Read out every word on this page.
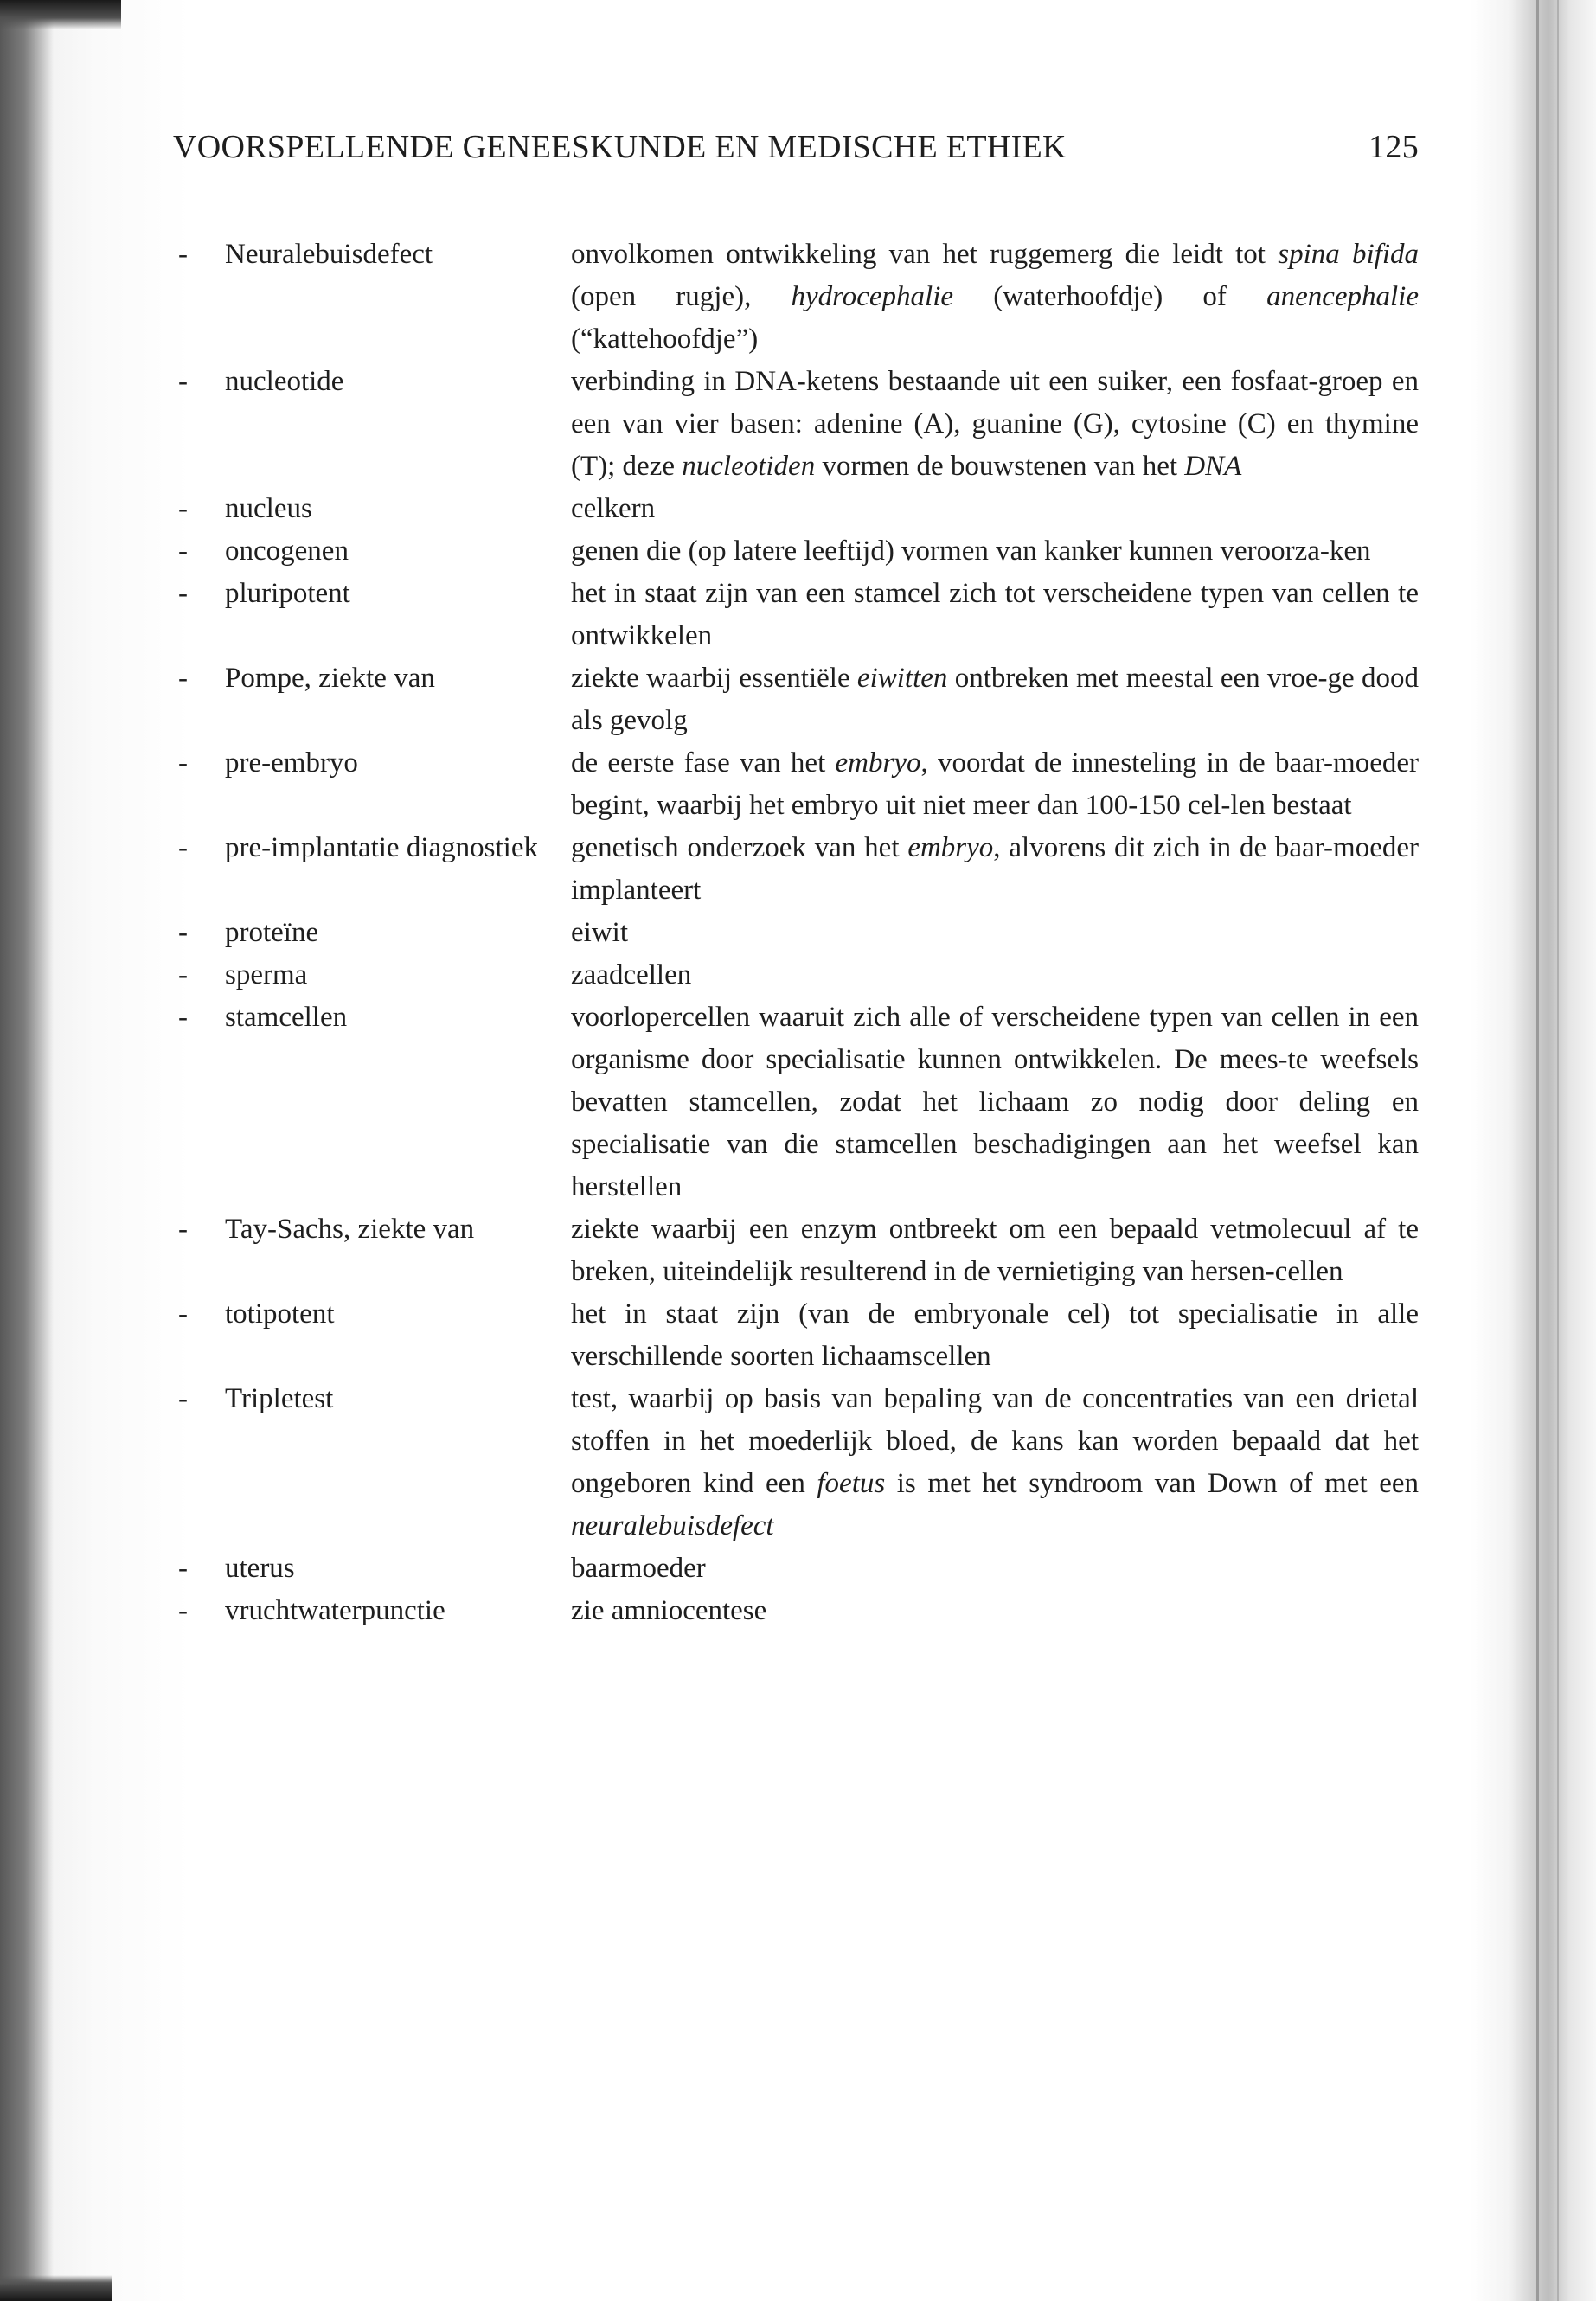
VOORSPELLENDE GENEESKUNDE EN MEDISCHE ETHIEK	125
- Neuralebuisdefect	onvolkomen ontwikkeling van het ruggemerg die leidt tot spina bifida (open rugje), hydrocephalie (waterhoofdje) of anencephalie (“kattehoofdje”)
- nucleotide	verbinding in DNA-ketens bestaande uit een suiker, een fosfaat-groep en een van vier basen: adenine (A), guanine (G), cytosine (C) en thymine (T); deze nucleotiden vormen de bouwstenen van het DNA
- nucleus	celkern
- oncogenen	genen die (op latere leeftijd) vormen van kanker kunnen veroorza-ken
- pluripotent	het in staat zijn van een stamcel zich tot verscheidene typen van cellen te ontwikkelen
- Pompe, ziekte van	ziekte waarbij essentiële eiwitten ontbreken met meestal een vroe-ge dood als gevolg
- pre-embryo	de eerste fase van het embryo, voordat de innesteling in de baar-moeder begint, waarbij het embryo uit niet meer dan 100-150 cel-len bestaat
- pre-implantatie diagnostiek	genetisch onderzoek van het embryo, alvorens dit zich in de baar-moeder implanteert
- proteïne	eiwit
- sperma	zaadcellen
- stamcellen	voorlopercellen waaruit zich alle of verscheidene typen van cellen in een organisme door specialisatie kunnen ontwikkelen. De mees-te weefsels bevatten stamcellen, zodat het lichaam zo nodig door deling en specialisatie van die stamcellen beschadigingen aan het weefsel kan herstellen
- Tay-Sachs, ziekte van	ziekte waarbij een enzym ontbreekt om een bepaald vetmolecuul af te breken, uiteindelijk resulterend in de vernietiging van hersen-cellen
- totipotent	het in staat zijn (van de embryonale cel) tot specialisatie in alle verschillende soorten lichaamscellen
- Tripletest	test, waarbij op basis van bepaling van de concentraties van een drietal stoffen in het moederlijk bloed, de kans kan worden bepaald dat het ongeboren kind een foetus is met het syndroom van Down of met een neuralebuisdefect
- uterus	baarmoeder
- vruchtwaterpunctie	zie amniocentese
